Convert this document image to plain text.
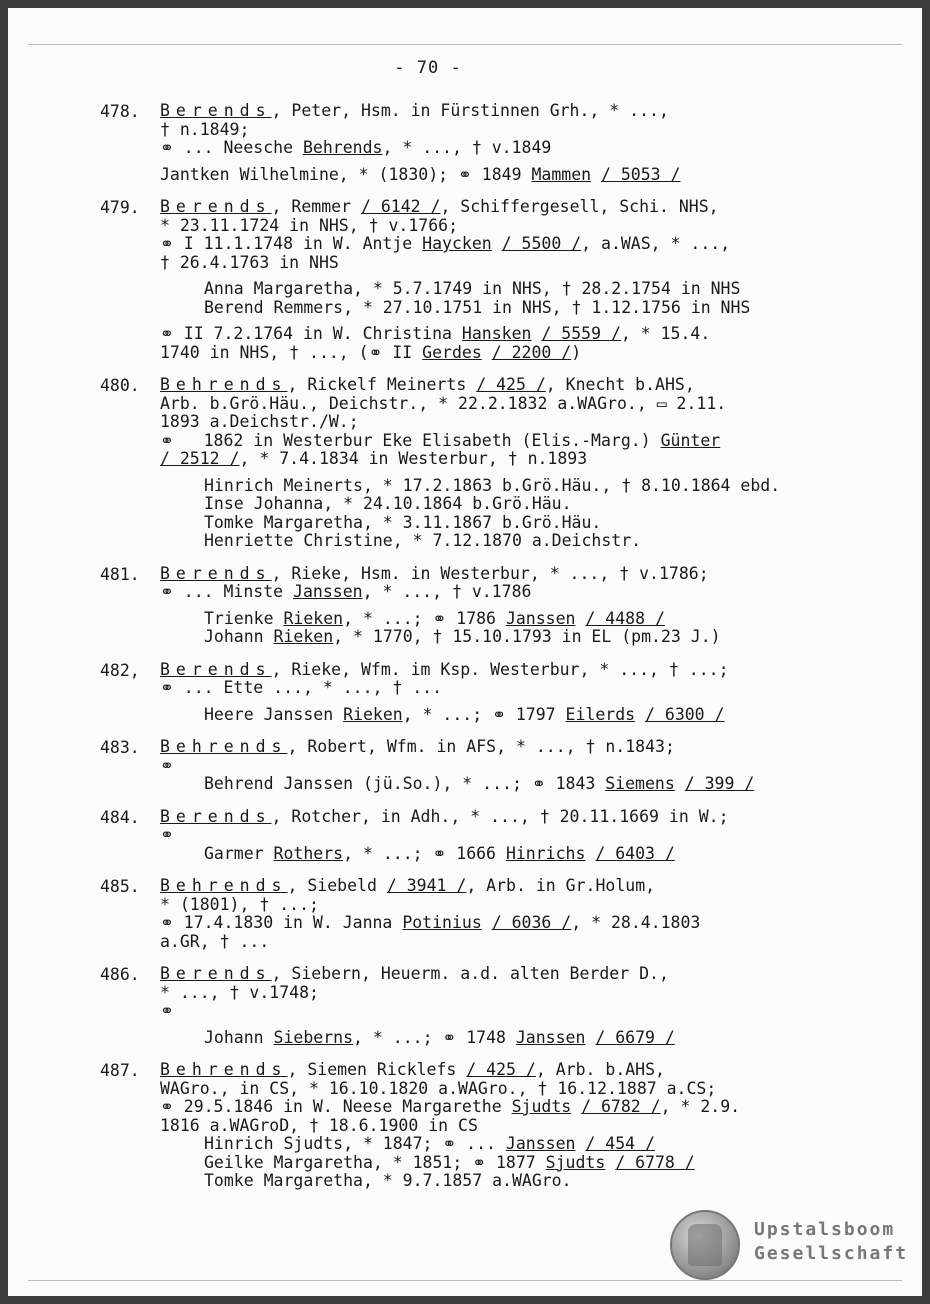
- 70 -
478. Berends, Peter, Hsm. in Fürstinnen Grh., * ...,
† n.1849;
⚭ ... Neesche Behrends, * ..., † v.1849
Jantken Wilhelmine, * (1830); ⚭ 1849 Mammen / 5053 /
479. Berends, Remmer / 6142 /, Schiffergesell, Schi. NHS,
* 23.11.1724 in NHS, † v.1766;
⚭ I 11.1.1748 in W. Antje Haycken / 5500 /, a.WAS, * ...,
† 26.4.1763 in NHS
Anna Margaretha, * 5.7.1749 in NHS, † 28.2.1754 in NHS
Berend Remmers, * 27.10.1751 in NHS, † 1.12.1756 in NHS
⚭ II 7.2.1764 in W. Christina Hansken / 5559 /, * 15.4.
1740 in NHS, † ..., (⚭ II Gerdes / 2200 /)
480. Behrends, Rickelf Meinerts / 425 /, Knecht b.AHS,
Arb. b.Grö.Häu., Deichstr., * 22.2.1832 a.WAGro., ▭ 2.11.
1893 a.Deichstr./W.;
⚭   1862 in Westerbur Eke Elisabeth (Elis.-Marg.) Günter
/ 2512 /, * 7.4.1834 in Westerbur, † n.1893
Hinrich Meinerts, * 17.2.1863 b.Grö.Häu., † 8.10.1864 ebd.
Inse Johanna, * 24.10.1864 b.Grö.Häu.
Tomke Margaretha, * 3.11.1867 b.Grö.Häu.
Henriette Christine, * 7.12.1870 a.Deichstr.
481. Berends, Rieke, Hsm. in Westerbur, * ..., † v.1786;
⚭ ... Minste Janssen, * ..., † v.1786
Trienke Rieken, * ...; ⚭ 1786 Janssen / 4488 /
Johann Rieken, * 1770, † 15.10.1793 in EL (pm.23 J.)
482, Berends, Rieke, Wfm. im Ksp. Westerbur, * ..., † ...;
⚭ ... Ette ..., * ..., † ...
Heere Janssen Rieken, * ...; ⚭ 1797 Eilerds / 6300 /
483. Behrends, Robert, Wfm. in AFS, * ..., † n.1843;
⚭
Behrend Janssen (jü.So.), * ...; ⚭ 1843 Siemens / 399 /
484. Berends, Rotcher, in Adh., * ..., † 20.11.1669 in W.;
⚭
Garmer Rothers, * ...; ⚭ 1666 Hinrichs / 6403 /
485. Behrends, Siebeld / 3941 /, Arb. in Gr.Holum,
* (1801), † ...;
⚭ 17.4.1830 in W. Janna Potinius / 6036 /, * 28.4.1803
a.GR, † ...
486. Berends, Siebern, Heuerm. a.d. alten Berder D.,
* ..., † v.1748;
⚭
Johann Sieberns, * ...; ⚭ 1748 Janssen / 6679 /
487. Behrends, Siemen Ricklefs / 425 /, Arb. b.AHS,
WAGro., in CS, * 16.10.1820 a.WAGro., † 16.12.1887 a.CS;
⚭ 29.5.1846 in W. Neese Margarethe Sjudts / 6782 /, * 2.9.
1816 a.WAGroD, † 18.6.1900 in CS
Hinrich Sjudts, * 1847; ⚭ ... Janssen / 454 /
Geilke Margaretha, * 1851; ⚭ 1877 Sjudts / 6778 /
Tomke Margaretha, * 9.7.1857 a.WAGro.
Upstalsboom
Gesellschaft
